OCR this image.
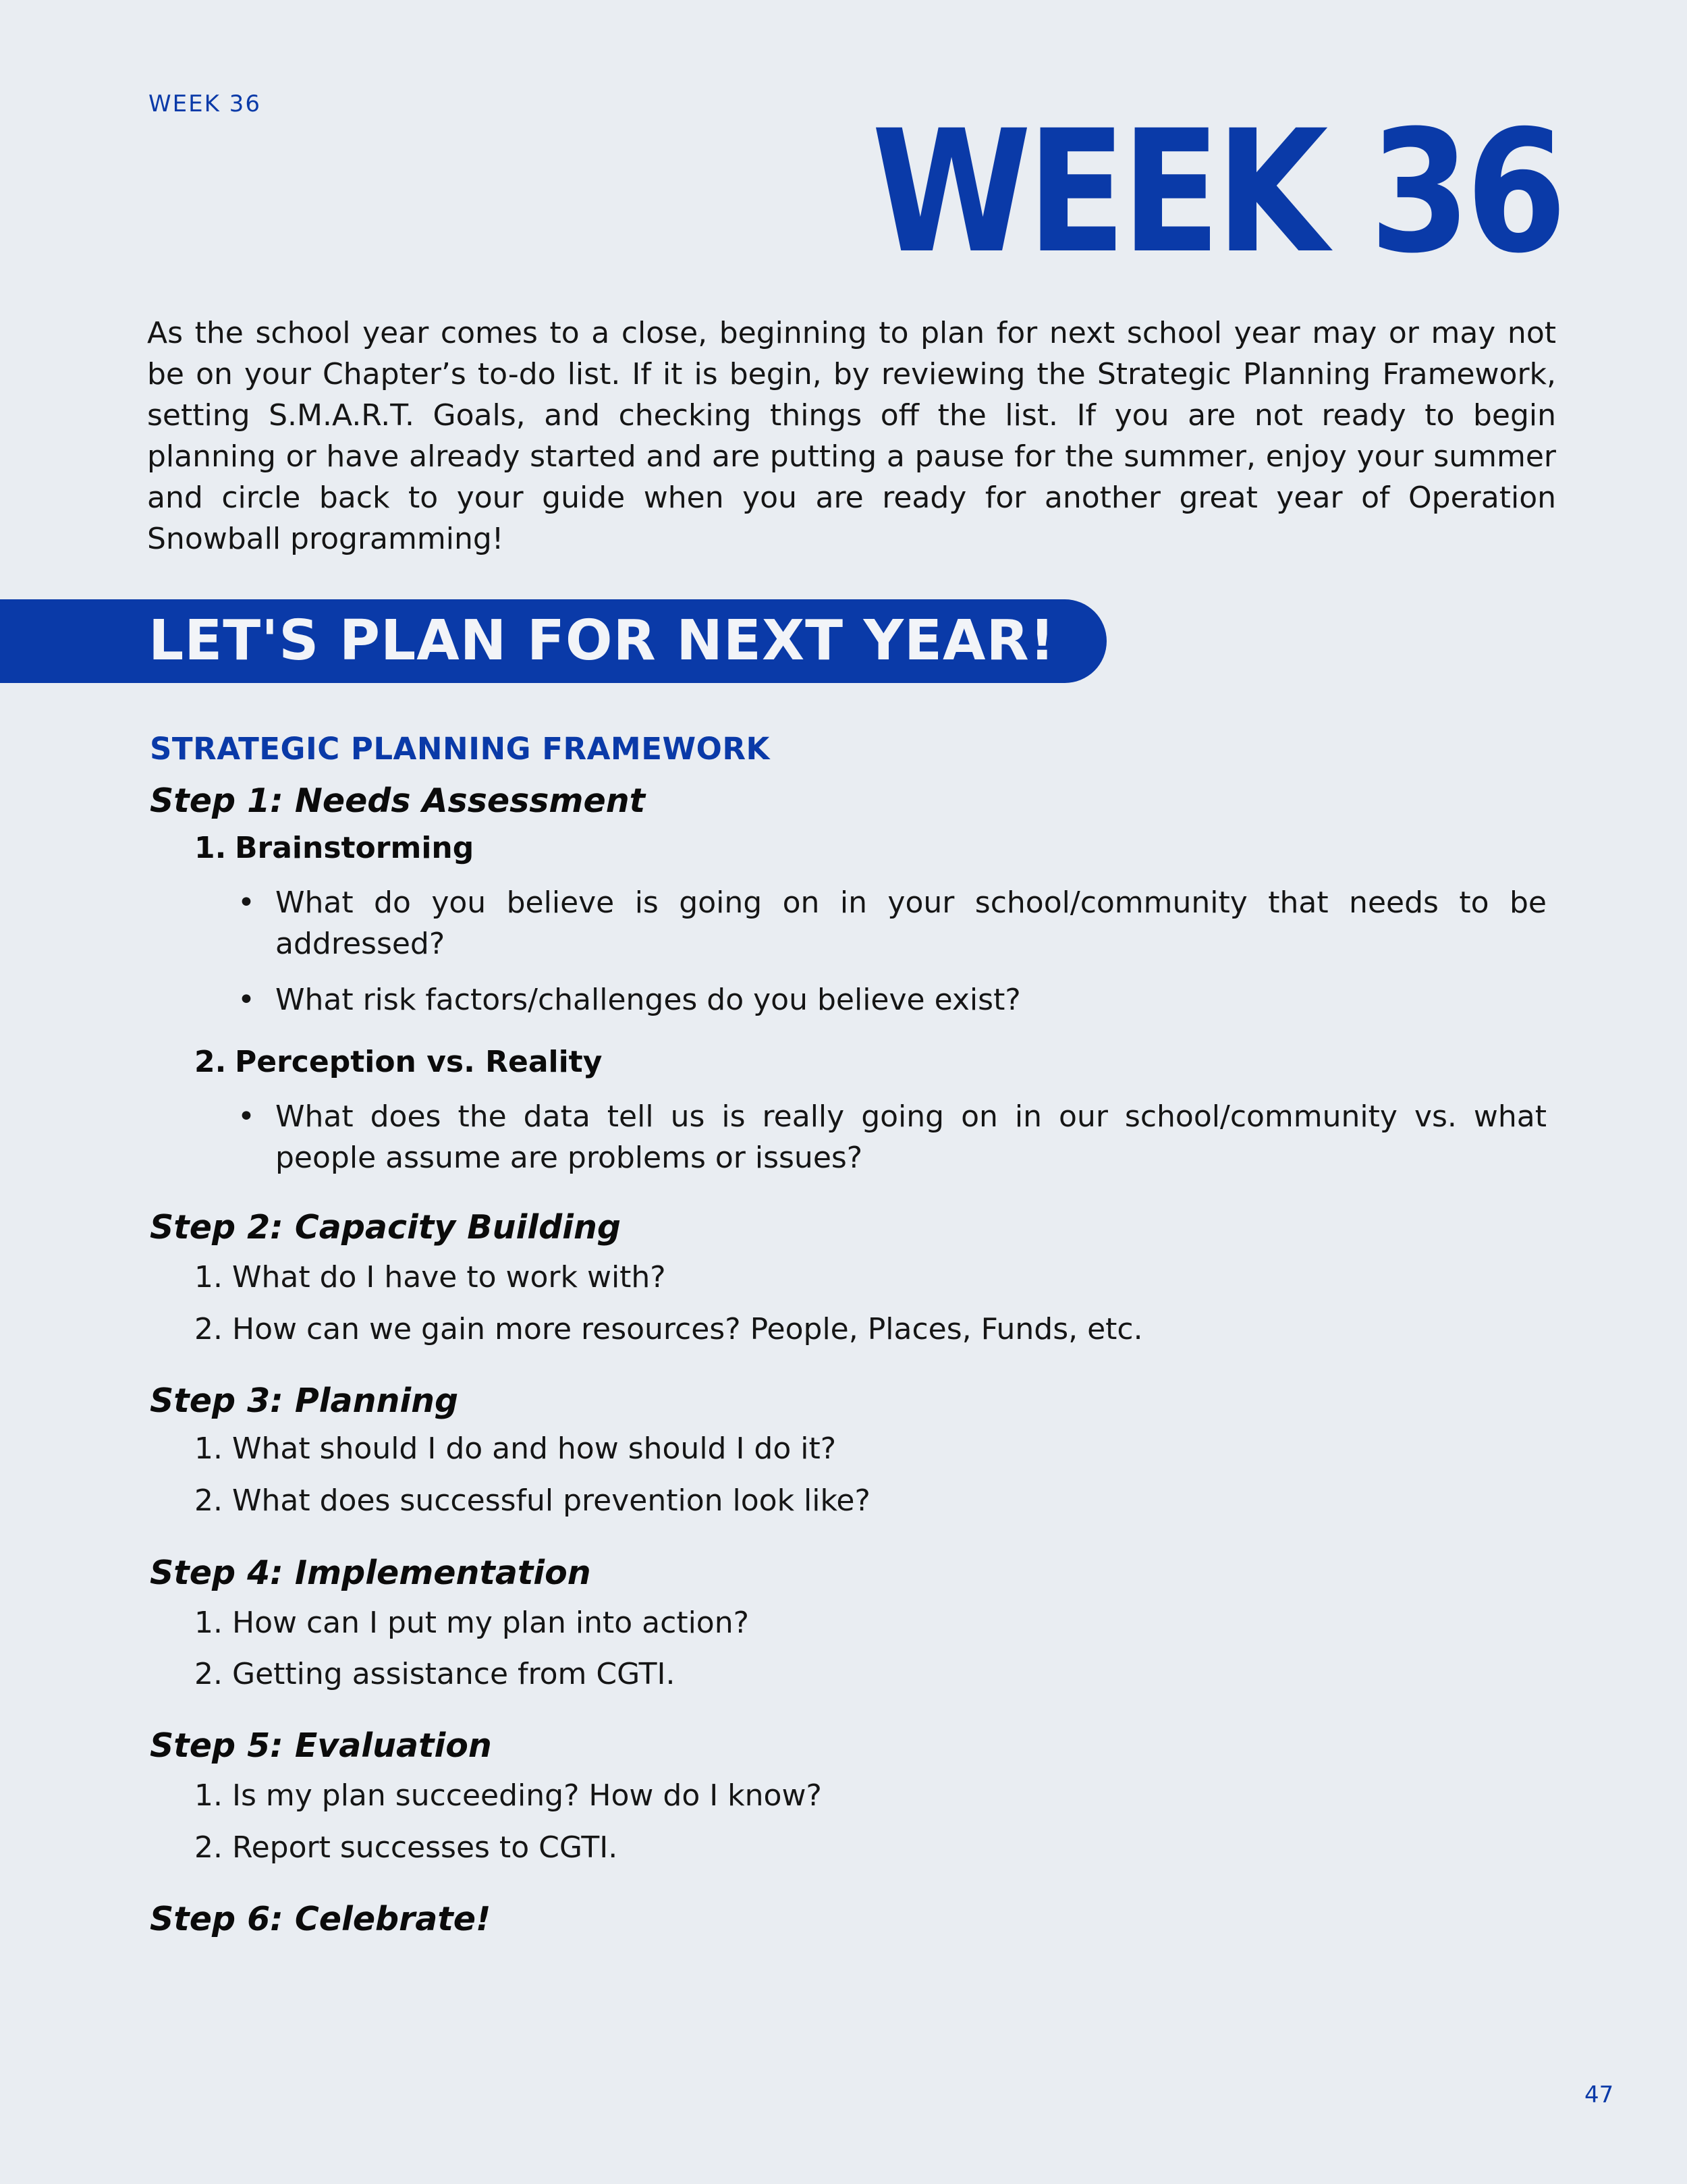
WEEK 36	WEEK 36

As the school year comes to a close, beginning to plan for next school year may or may not be on your Chapter’s to-do list. If it is begin, by reviewing the Strategic Planning Framework, setting S.M.A.R.T. Goals, and checking things off the list. If you are not ready to begin planning or have already started and are putting a pause for the summer, enjoy your summer and circle back to your guide when you are ready for another great year of Operation Snowball programming!

LET'S PLAN FOR NEXT YEAR!
STRATEGIC PLANNING FRAMEWORK
Step 1: Needs Assessment
1. Brainstorming
• What do you believe is going on in your school/community that needs to be addressed?
• What risk factors/challenges do you believe exist?
2. Perception vs. Reality
• What does the data tell us is really going on in our school/community vs. what people assume are problems or issues?
Step 2: Capacity Building
1. What do I have to work with?
2. How can we gain more resources? People, Places, Funds, etc.
Step 3: Planning
1. What should I do and how should I do it?
2. What does successful prevention look like?
Step 4: Implementation
1. How can I put my plan into action?
2. Getting assistance from CGTI.
Step 5: Evaluation
1. Is my plan succeeding? How do I know?
2. Report successes to CGTI.
Step 6: Celebrate!
47
